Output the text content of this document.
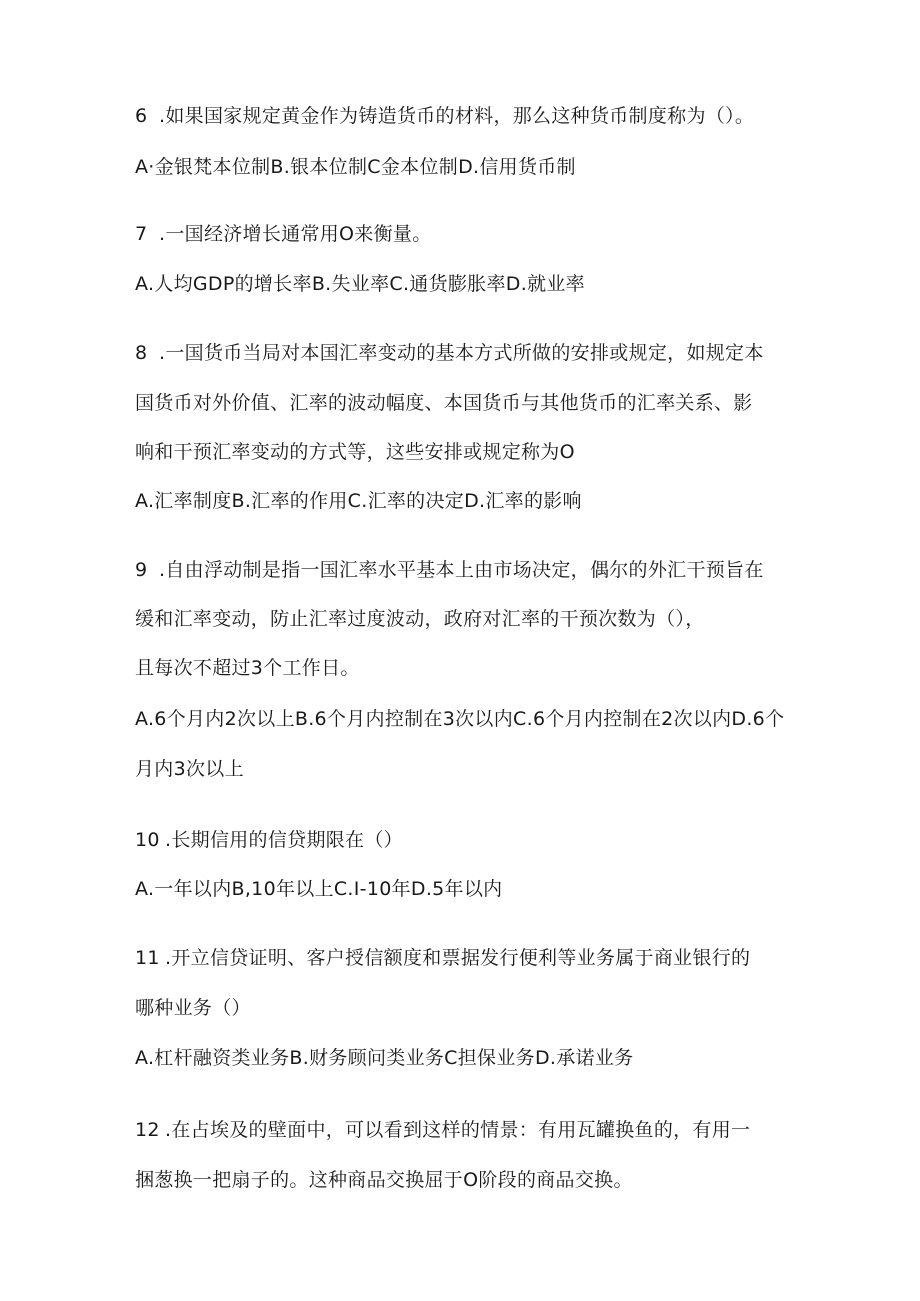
6 .如果国家规定黄金作为铸造货币的材料，那么这种货币制度称为（）。
A·金银梵本位制B.银本位制C金本位制D.信用货币制
7 .一国经济增长通常用O来衡量。
A.人均GDP的增长率B.失业率C.通货膨胀率D.就业率
8 .一国货币当局对本国汇率变动的基本方式所做的安排或规定，如规定本
国货币对外价值、汇率的波动幅度、本国货币与其他货币的汇率关系、影
响和干预汇率变动的方式等，这些安排或规定称为O
A.汇率制度B.汇率的作用C.汇率的决定D.汇率的影响
9 .自由浮动制是指一国汇率水平基本上由市场决定，偶尔的外汇干预旨在
缓和汇率变动，防止汇率过度波动，政府对汇率的干预次数为（），
且每次不超过3个工作日。
A.6个月内2次以上B.6个月内控制在3次以内C.6个月内控制在2次以内D.6个
月内3次以上
10 .长期信用的信贷期限在（）
A.一年以内B,10年以上C.I-10年D.5年以内
11 .开立信贷证明、客户授信额度和票据发行便利等业务属于商业银行的
哪种业务（）
A.杠杆融资类业务B.财务顾问类业务C担保业务D.承诺业务
12 .在占埃及的壁面中，可以看到这样的情景：有用瓦罐换鱼的，有用一
捆葱换一把扇子的。这种商品交换屈于O阶段的商品交换。
